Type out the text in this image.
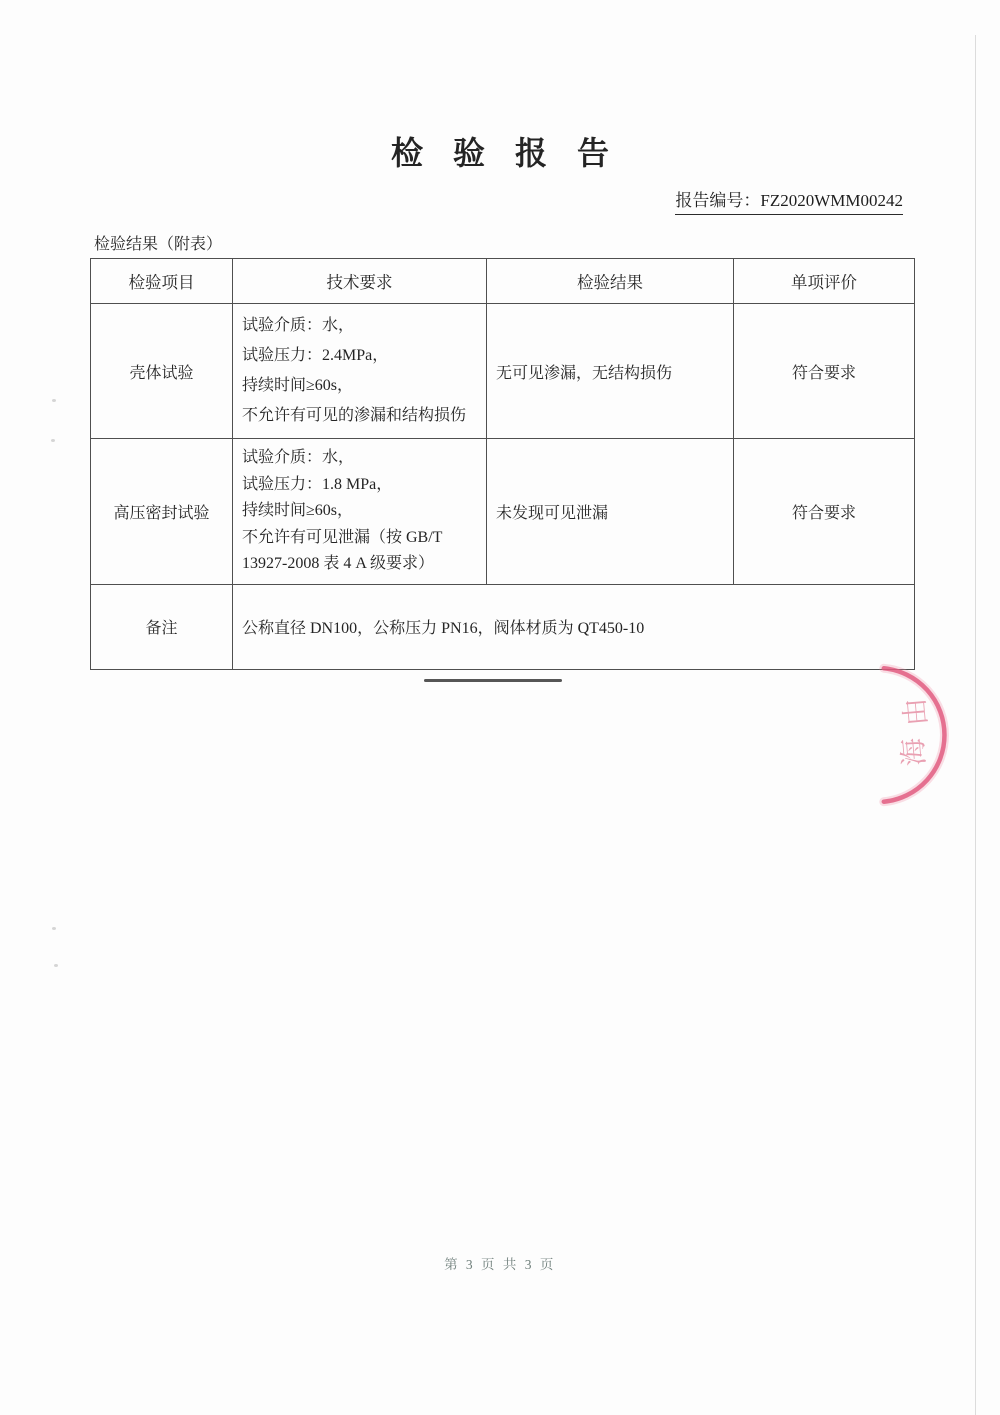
检验报告
报告编号：FZ2020WMM00242
检验结果（附表）
检验项目	技术要求	检验结果	单项评价
壳体试验	试验介质：水，
试验压力：2.4MPa，
持续时间≥60s，
不允许有可见的渗漏和结构损伤	无可见渗漏，无结构损伤	符合要求
高压密封试验	试验介质：水，
试验压力：1.8 MPa，
持续时间≥60s，
不允许有可见泄漏（按 GB/T
13927-2008 表 4 A 级要求）	未发现可见泄漏	符合要求
备注	公称直径 DN100，公称压力 PN16，阀体材质为 QT450-10		
由
海
第 3 页 共 3 页
